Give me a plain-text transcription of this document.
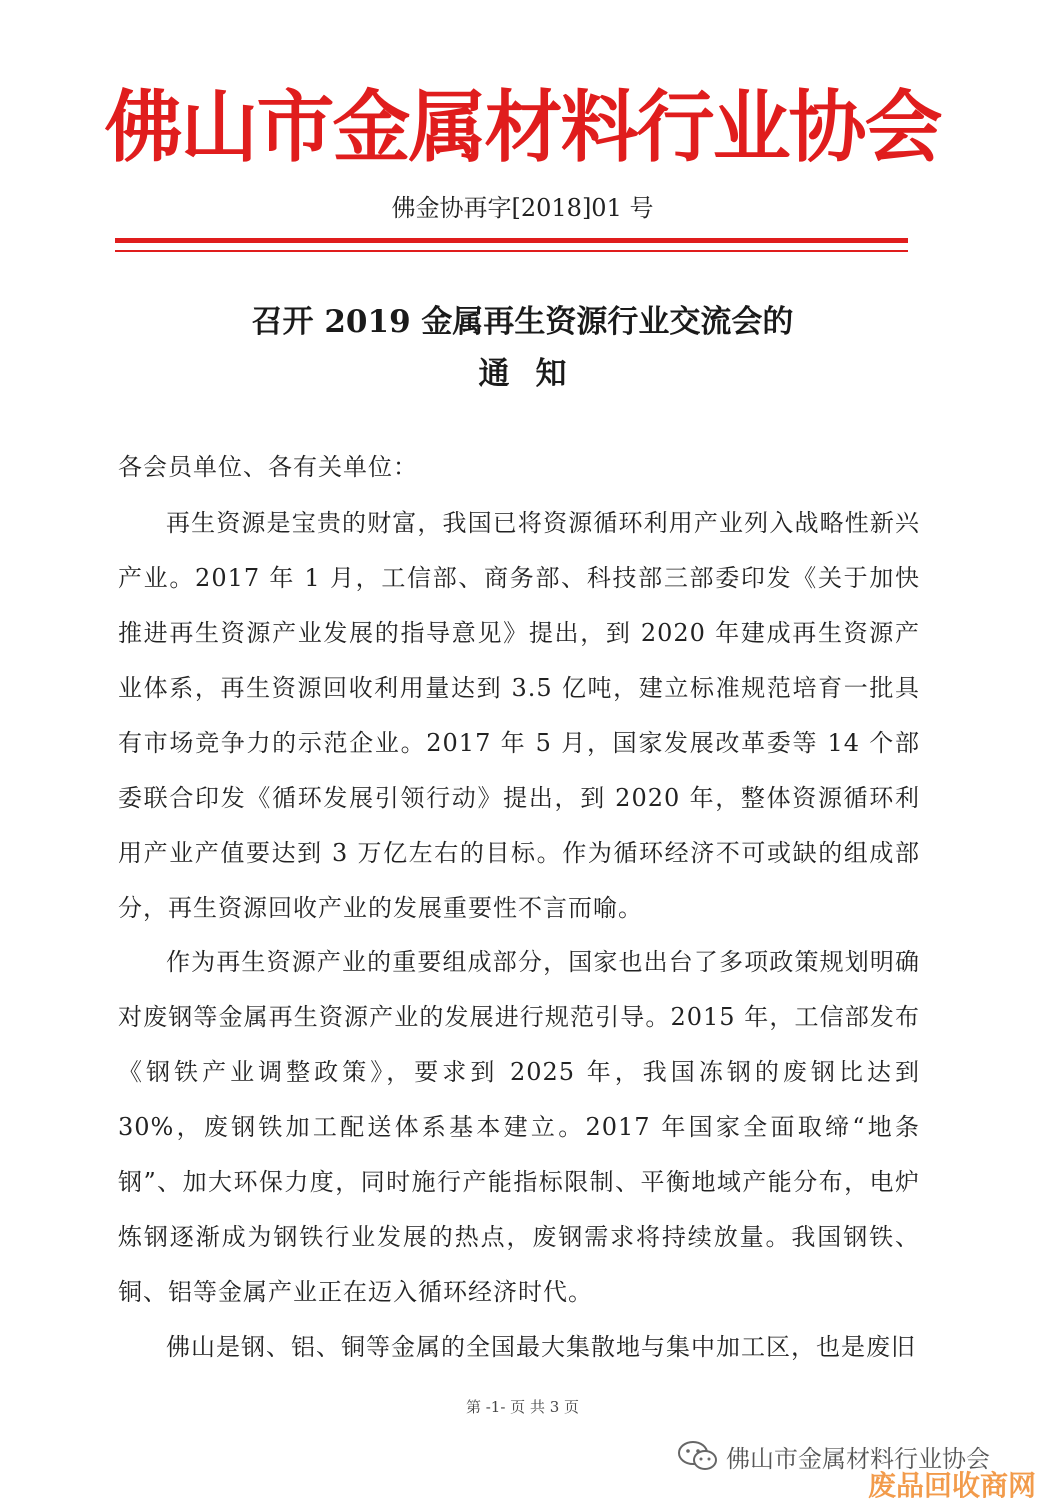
佛山市金属材料行业协会
佛金协再字[2018]01 号
召开 2019 金属再生资源行业交流会的
通知
各会员单位、各有关单位：

再生资源是宝贵的财富，我国已将资源循环利用产业列入战略性新兴产业。2017 年 1 月，工信部、商务部、科技部三部委印发《关于加快推进再生资源产业发展的指导意见》提出，到 2020 年建成再生资源产业体系，再生资源回收利用量达到 3.5 亿吨，建立标准规范培育一批具有市场竞争力的示范企业。2017 年 5 月，国家发展改革委等 14 个部委联合印发《循环发展引领行动》提出，到 2020 年，整体资源循环利用产业产值要达到 3 万亿左右的目标。作为循环经济不可或缺的组成部分，再生资源回收产业的发展重要性不言而喻。

作为再生资源产业的重要组成部分，国家也出台了多项政策规划明确对废钢等金属再生资源产业的发展进行规范引导。2015 年，工信部发布《钢铁产业调整政策》，要求到 2025 年，我国冻钢的废钢比达到 30%，废钢铁加工配送体系基本建立。2017 年国家全面取缔“地条钢”、加大环保力度，同时施行产能指标限制、平衡地域产能分布，电炉炼钢逐渐成为钢铁行业发展的热点，废钢需求将持续放量。我国钢铁、铜、铝等金属产业正在迈入循环经济时代。

佛山是钢、铝、铜等金属的全国最大集散地与集中加工区，也是废旧

第 -1- 页 共 3 页
佛山市金属材料行业协会
废品回收商网
